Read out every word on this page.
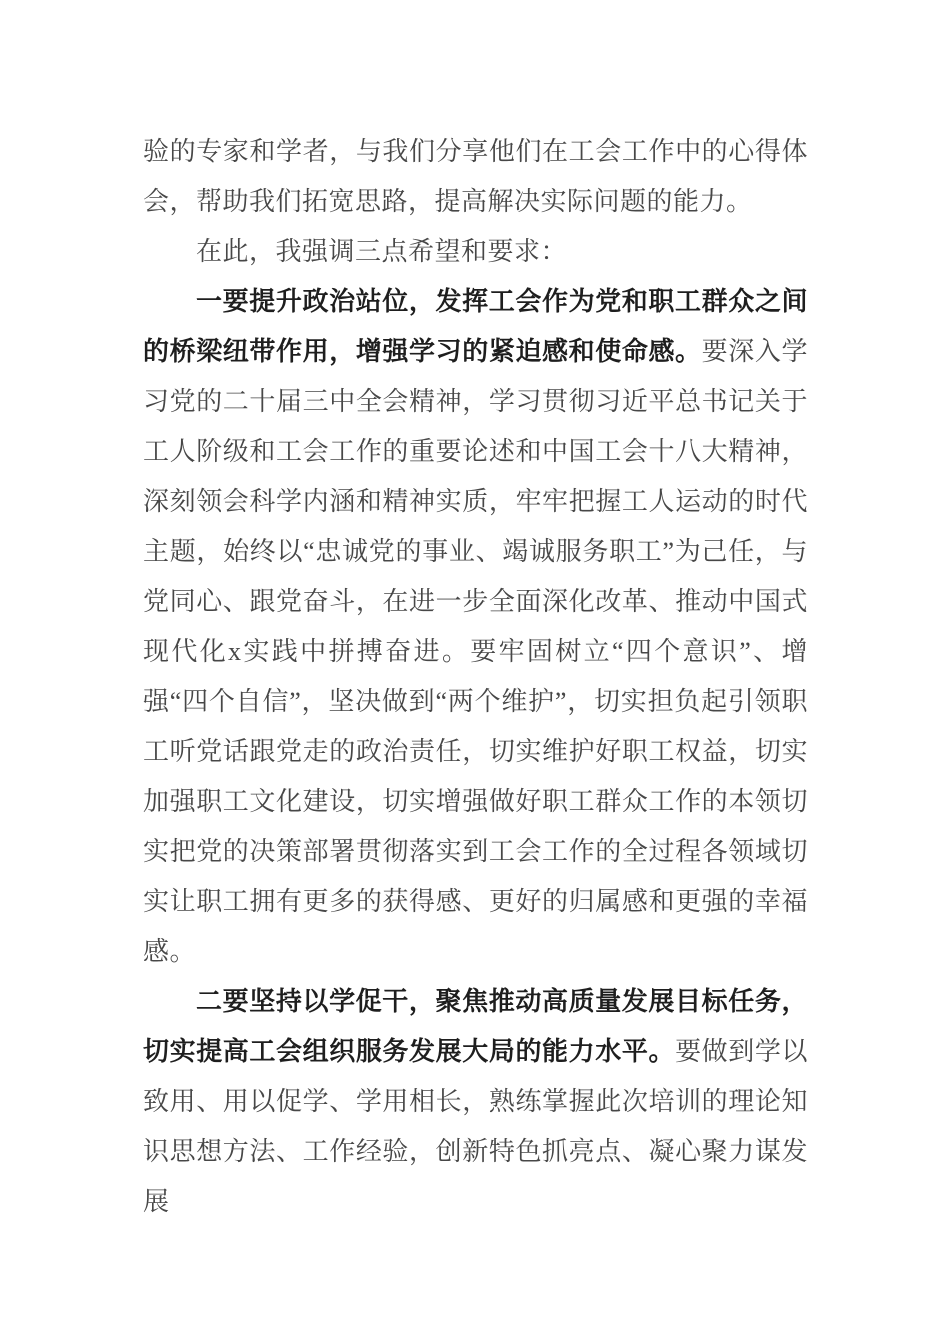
验的专家和学者，与我们分享他们在工会工作中的心得体会，帮助我们拓宽思路，提高解决实际问题的能力。

在此，我强调三点希望和要求：

一要提升政治站位，发挥工会作为党和职工群众之间的桥梁纽带作用，增强学习的紧迫感和使命感。要深入学习党的二十届三中全会精神，学习贯彻习近平总书记关于工人阶级和工会工作的重要论述和中国工会十八大精神，深刻领会科学内涵和精神实质，牢牢把握工人运动的时代主题，始终以“忠诚党的事业、竭诚服务职工”为己任，与党同心、跟党奋斗，在进一步全面深化改革、推动中国式现代化x实践中拼搏奋进。要牢固树立“四个意识”、增强“四个自信”，坚决做到“两个维护”，切实担负起引领职工听党话跟党走的政治责任，切实维护好职工权益，切实加强职工文化建设，切实增强做好职工群众工作的本领切实把党的决策部署贯彻落实到工会工作的全过程各领域切实让职工拥有更多的获得感、更好的归属感和更强的幸福感。

二要坚持以学促干，聚焦推动高质量发展目标任务，切实提高工会组织服务发展大局的能力水平。要做到学以致用、用以促学、学用相长，熟练掌握此次培训的理论知识思想方法、工作经验，创新特色抓亮点、凝心聚力谋发展
